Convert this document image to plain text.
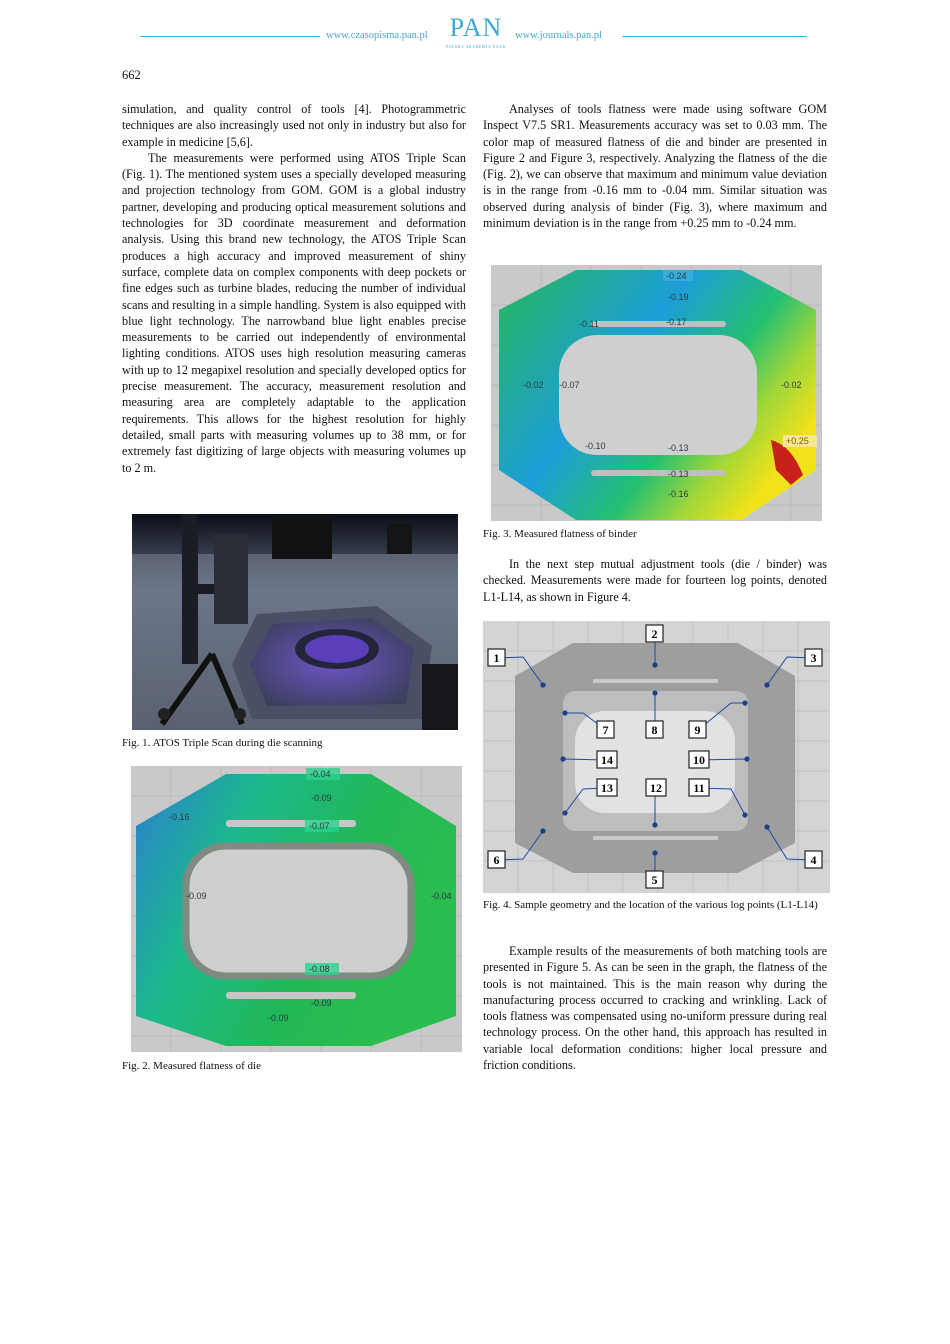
www.czasopisma.pan.pl PAN
POLSKA AKADEMIA NAUK
www.journals.pan.pl
662

simulation, and quality control of tools [4]. Photogrammetric techniques are also increasingly used not only in industry but also for example in medicine [5,6].

The measurements were performed using ATOS Triple Scan (Fig. 1). The mentioned system uses a specially developed measuring and projection technology from GOM. GOM is a global industry partner, developing and producing optical measurement solutions and technologies for 3D coordinate measurement and deformation analysis. Using this brand new technology, the ATOS Triple Scan produces a high accuracy and improved measurement of shiny surface, complete data on complex components with deep pockets or fine edges such as turbine blades, reducing the number of individual scans and resulting in a simple handling. System is also equipped with blue light technology. The narrowband blue light enables precise measurements to be carried out independently of environmental lighting conditions. ATOS uses high resolution measuring cameras with up to 12 megapixel resolution and specially developed optics for precise measurement. The accuracy, measurement resolution and measuring area are completely adaptable to the application requirements. This allows for the highest resolution for highly detailed, small parts with measuring volumes up to 38 mm, or for extremely fast digitizing of large objects with measuring volumes up to 2 m.

Fig. 1. ATOS Triple Scan during die scanning
-0.04
-0.09
-0.16
-0.07
-0.09	-0.04
-0.08
-0.09
-0.09
Fig. 2. Measured flatness of die

Analyses of tools flatness were made using software GOM Inspect V7.5 SR1. Measurements accuracy was set to 0.03 mm. The color map of measured flatness of die and binder are presented in Figure 2 and Figure 3, respectively. Analyzing the flatness of the die (Fig. 2), we can observe that maximum and minimum value deviation is in the range from -0.16 mm to -0.04 mm. Similar situation was observed during analysis of binder (Fig. 3), where maximum and minimum deviation is in the range from +0.25 mm to -0.24 mm.

-0.24
-0.19
-0.11	-0.17
-0.02 -0.07	-0.02
+0.25
-0.10	-0.13
-0.13
-0.16
Fig. 3. Measured flatness of binder

In the next step mutual adjustment tools (die / binder) was checked. Measurements were made for fourteen log points, denoted L1-L14, as shown in Figure 4.

1
2
3
4
5
6
7	8	9
10
11
12
13
14
Fig. 4. Sample geometry and the location of the various log points (L1-L14)

Example results of the measurements of both matching tools are presented in Figure 5. As can be seen in the graph, the flatness of the tools is not maintained. This is the main reason why during the manufacturing process occurred to cracking and wrinkling. Lack of tools flatness was compensated using no-uniform pressure during real technology process. On the other hand, this approach has resulted in variable local deformation conditions: higher local pressure and friction conditions.
